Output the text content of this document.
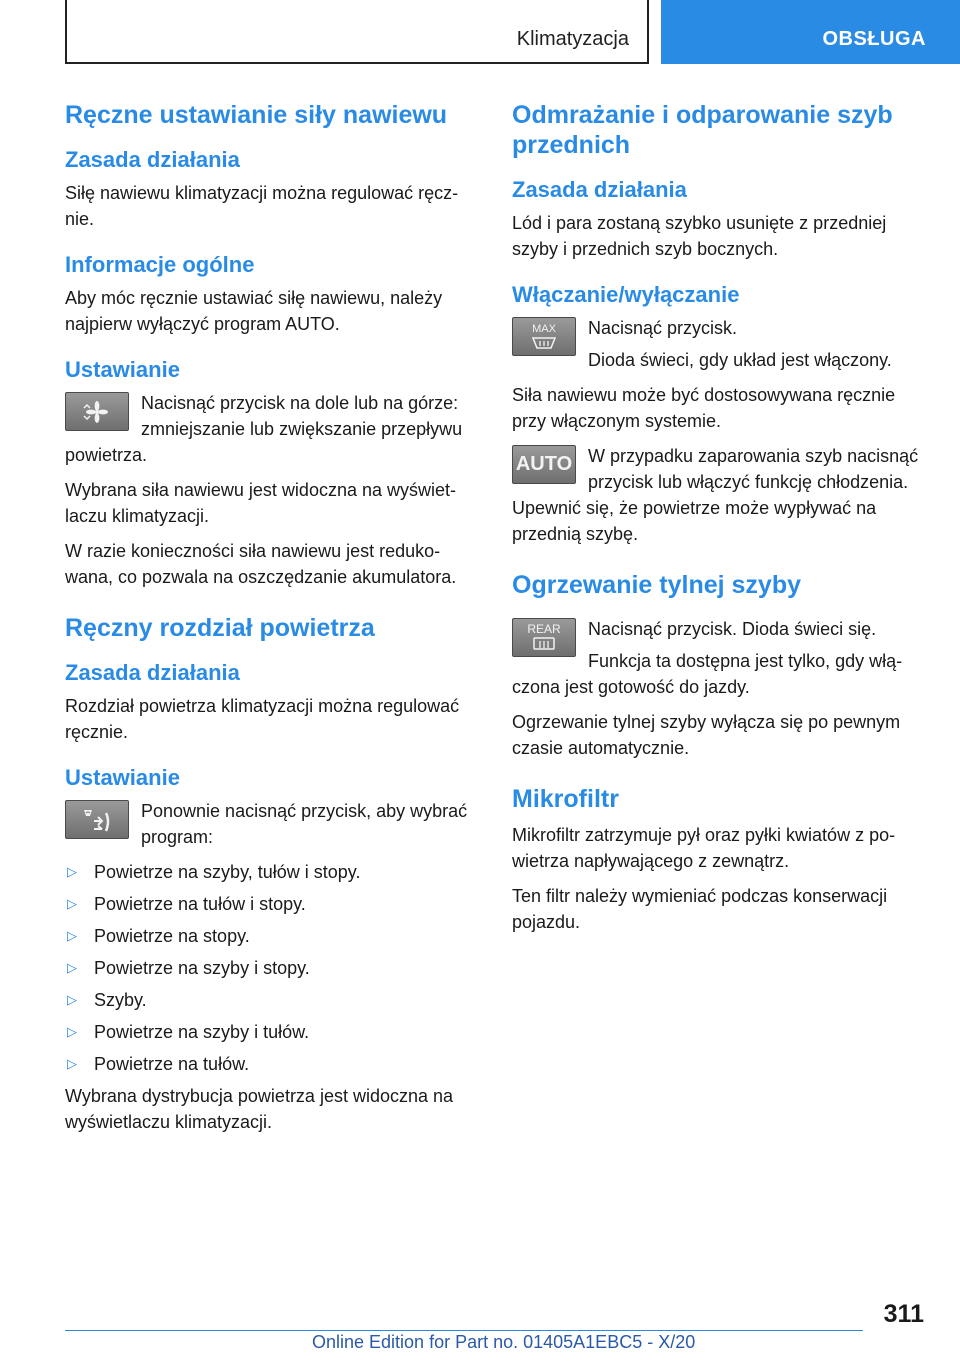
Klimatyzacja	OBSŁUGA
Ręczne ustawianie siły nawiewu
Zasada działania

Siłę nawiewu klimatyzacji można regulować ręcznie.

Informacje ogólne

Aby móc ręcznie ustawiać siłę nawiewu, należy najpierw wyłączyć program AUTO.

Ustawianie

Nacisnąć przycisk na dole lub na górze: zmniejszanie lub zwiększanie przepływu powietrza.

Wybrana siła nawiewu jest widoczna na wyświetlaczu klimatyzacji.

W razie konieczności siła nawiewu jest redukowana, co pozwala na oszczędzanie akumulatora.

Ręczny rozdział powietrza
Zasada działania

Rozdział powietrza klimatyzacji można regulować ręcznie.

Ustawianie

Ponownie nacisnąć przycisk, aby wybrać program:

▷ Powietrze na szyby, tułów i stopy.
▷ Powietrze na tułów i stopy.
▷ Powietrze na stopy.
▷ Powietrze na szyby i stopy.
▷ Szyby.
▷ Powietrze na szyby i tułów.
▷ Powietrze na tułów.

Wybrana dystrybucja powietrza jest widoczna na wyświetlaczu klimatyzacji.

Odmrażanie i odparowanie szyb przednich
Zasada działania

Lód i para zostaną szybko usunięte z przedniej szyby i przednich szyb bocznych.

Włączanie/wyłączanie
MAX	Nacisnąć przycisk.

Dioda świeci, gdy układ jest włączony.

Siła nawiewu może być dostosowywana ręcznie przy włączonym systemie.

AUTO W przypadku zaparowania szyb nacisnąć przycisk lub włączyć funkcję chłodzenia. Upewnić się, że powietrze może wypływać na przednią szybę.

Ogrzewanie tylnej szyby
REAR	Nacisnąć przycisk. Dioda świeci się.

Funkcja ta dostępna jest tylko, gdy włączona jest gotowość do jazdy.

Ogrzewanie tylnej szyby wyłącza się po pewnym czasie automatycznie.

Mikrofiltr

Mikrofiltr zatrzymuje pył oraz pyłki kwiatów z powietrza napływającego z zewnątrz.

Ten filtr należy wymieniać podczas konserwacji pojazdu.

311
Online Edition for Part no. 01405A1EBC5 - X/20
